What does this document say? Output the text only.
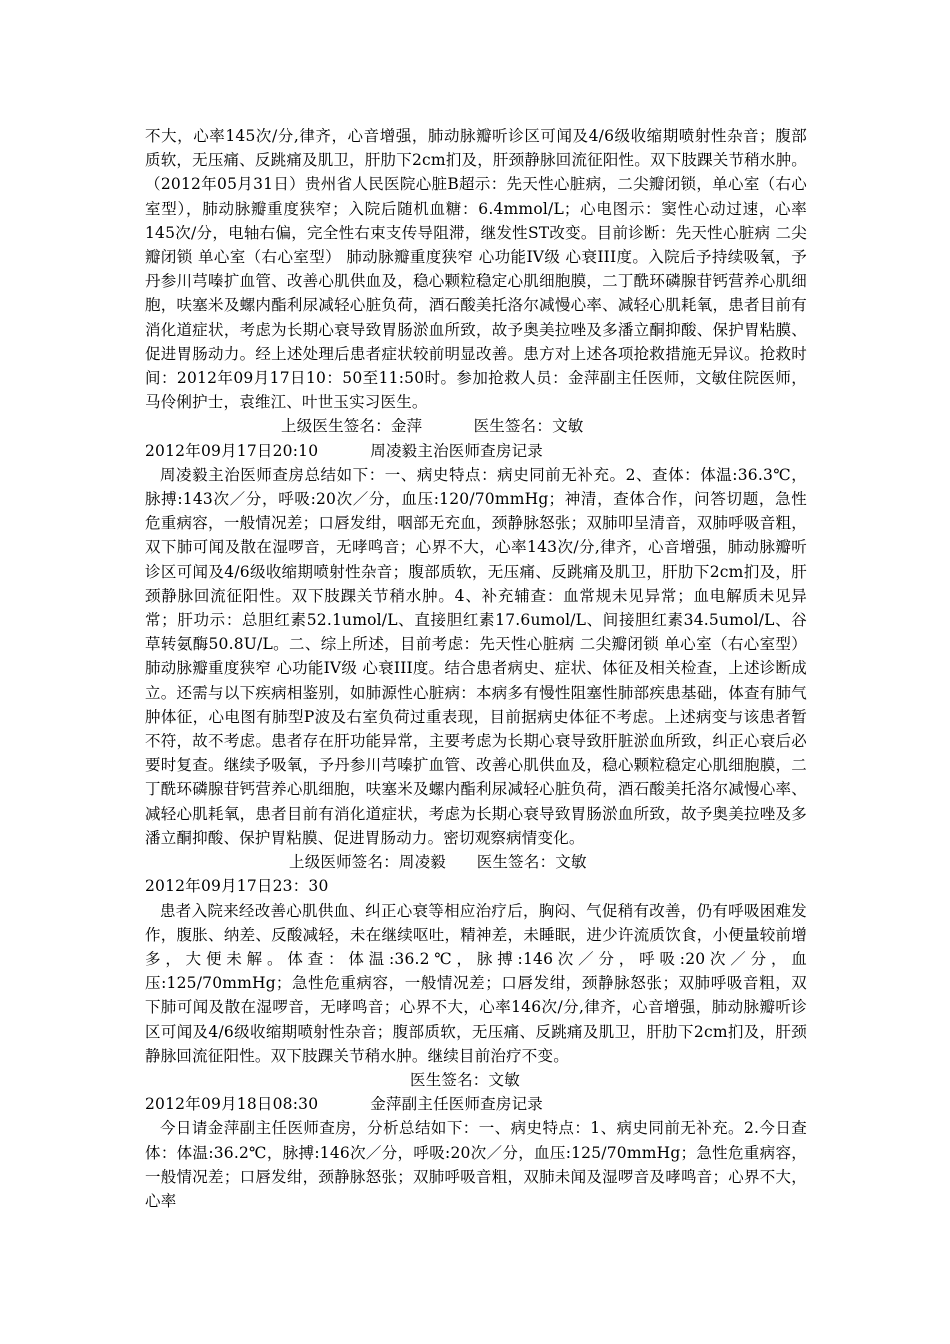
不大，心率145次/分,律齐，心音增强，肺动脉瓣听诊区可闻及4/6级收缩期喷射性杂音；腹部质软，无压痛、反跳痛及肌卫，肝肋下2cm扪及，肝颈静脉回流征阳性。双下肢踝关节稍水肿。（2012年05月31日）贵州省人民医院心脏B超示：先天性心脏病，二尖瓣闭锁，单心室（右心室型），肺动脉瓣重度狭窄；入院后随机血糖：6.4mmol/L；心电图示：窦性心动过速，心率145次/分，电轴右偏，完全性右束支传导阻滞，继发性ST改变。目前诊断：先天性心脏病 二尖瓣闭锁 单心室（右心室型） 肺动脉瓣重度狭窄 心功能IV级 心衰III度。入院后予持续吸氧，予丹参川芎嗪扩血管、改善心肌供血及，稳心颗粒稳定心肌细胞膜，二丁酰环磷腺苷钙营养心肌细胞，呋塞米及螺内酯利尿减轻心脏负荷，酒石酸美托洛尔减慢心率、减轻心肌耗氧，患者目前有消化道症状，考虑为长期心衰导致胃肠淤血所致，故予奥美拉唑及多潘立酮抑酸、保护胃粘膜、促进胃肠动力。经上述处理后患者症状较前明显改善。患方对上述各项抢救措施无异议。抢救时间：2012年09月17日10：50至11:50时。参加抢救人员：金萍副主任医师，文敏住院医师，马伶俐护士，袁维江、叶世玉实习医生。

上级医生签名：金萍          医生签名：文敏

2012年09月17日20:10	周凌毅主治医师查房记录

周凌毅主治医师查房总结如下：一、病史特点：病史同前无补充。2、查体：体温:36.3℃，脉搏:143次／分，呼吸:20次／分，血压:120/70mmHg；神清，查体合作，问答切题，急性危重病容，一般情况差；口唇发绀，咽部无充血，颈静脉怒张；双肺叩呈清音，双肺呼吸音粗，双下肺可闻及散在湿啰音，无哮鸣音；心界不大，心率143次/分,律齐，心音增强，肺动脉瓣听诊区可闻及4/6级收缩期喷射性杂音；腹部质软，无压痛、反跳痛及肌卫，肝肋下2cm扪及，肝颈静脉回流征阳性。双下肢踝关节稍水肿。4、补充辅查：血常规未见异常；血电解质未见异常；肝功示：总胆红素52.1umol/L、直接胆红素17.6umol/L、间接胆红素34.5umol/L、谷草转氨酶50.8U/L。二、综上所述，目前考虑：先天性心脏病 二尖瓣闭锁 单心室（右心室型） 肺动脉瓣重度狭窄 心功能IV级 心衰III度。结合患者病史、症状、体征及相关检查，上述诊断成立。还需与以下疾病相鉴别，如肺源性心脏病：本病多有慢性阻塞性肺部疾患基础，体查有肺气肿体征，心电图有肺型P波及右室负荷过重表现，目前据病史体征不考虑。上述病变与该患者暂不符，故不考虑。患者存在肝功能异常，主要考虑为长期心衰导致肝脏淤血所致，纠正心衰后必要时复查。继续予吸氧，予丹参川芎嗪扩血管、改善心肌供血及，稳心颗粒稳定心肌细胞膜，二丁酰环磷腺苷钙营养心肌细胞，呋塞米及螺内酯利尿减轻心脏负荷，酒石酸美托洛尔减慢心率、减轻心肌耗氧，患者目前有消化道症状，考虑为长期心衰导致胃肠淤血所致，故予奥美拉唑及多潘立酮抑酸、保护胃粘膜、促进胃肠动力。密切观察病情变化。

上级医师签名：周凌毅      医生签名：文敏

2012年09月17日23：30

患者入院来经改善心肌供血、纠正心衰等相应治疗后，胸闷、气促稍有改善，仍有呼吸困难发作，腹胀、纳差、反酸减轻，未在继续呕吐，精神差，未睡眠，进少许流质饮食，小便量较前增多，大便未解。体查：体温:36.2℃，脉搏:146次／分，呼吸:20次／分，血压:125/70mmHg；急性危重病容，一般情况差；口唇发绀，颈静脉怒张；双肺呼吸音粗，双下肺可闻及散在湿啰音，无哮鸣音；心界不大，心率146次/分,律齐，心音增强，肺动脉瓣听诊区可闻及4/6级收缩期喷射性杂音；腹部质软，无压痛、反跳痛及肌卫，肝肋下2cm扪及，肝颈静脉回流征阳性。双下肢踝关节稍水肿。继续目前治疗不变。

医生签名：文敏

2012年09月18日08:30	金萍副主任医师查房记录

今日请金萍副主任医师查房，分析总结如下：一、病史特点：1、病史同前无补充。2.今日查体：体温:36.2℃，脉搏:146次／分，呼吸:20次／分，血压:125/70mmHg；急性危重病容，一般情况差；口唇发绀，颈静脉怒张；双肺呼吸音粗，双肺未闻及湿啰音及哮鸣音；心界不大，心率
